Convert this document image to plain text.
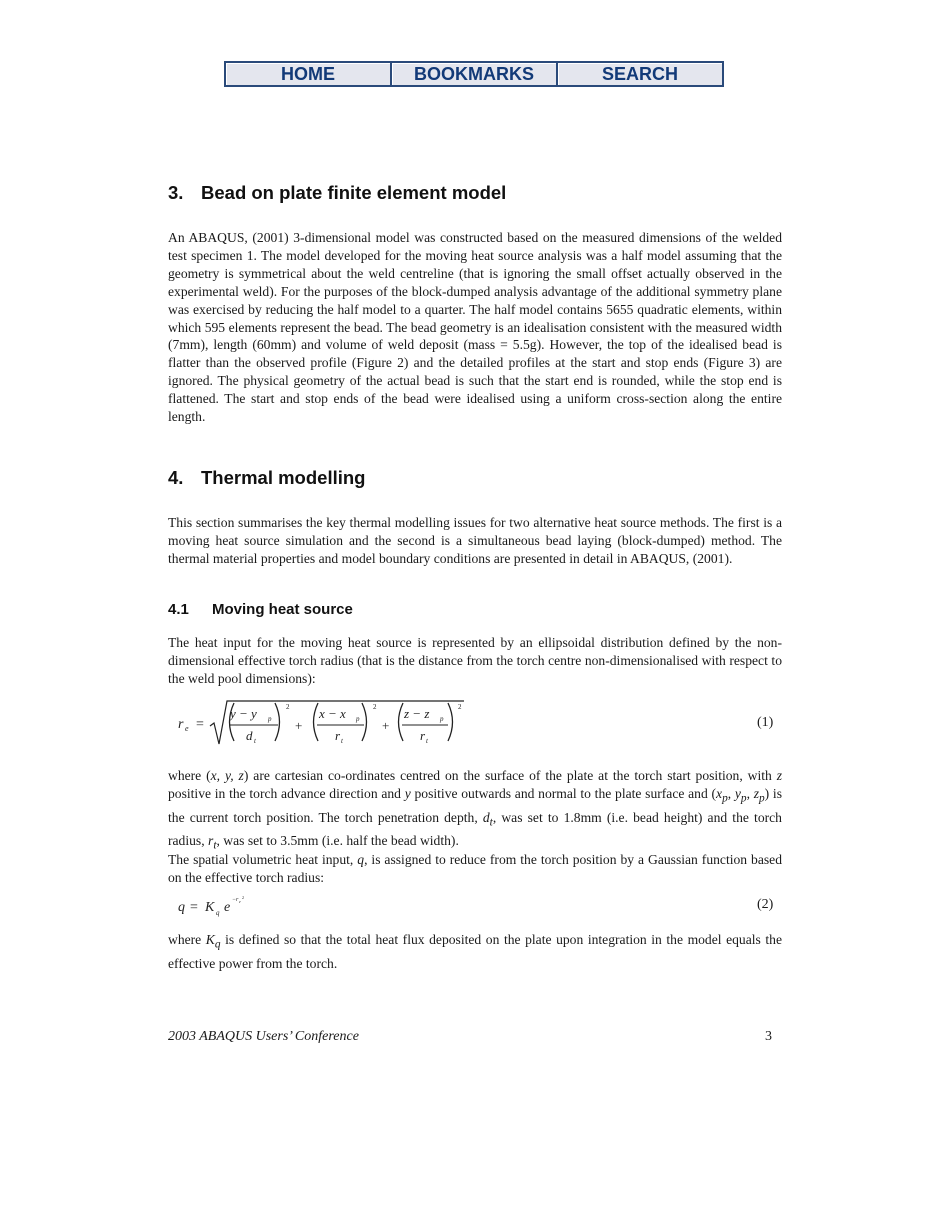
HOME	BOOKMARKS	SEARCH
3. Bead on plate finite element model
An ABAQUS, (2001) 3-dimensional model was constructed based on the measured dimensions of the welded test specimen 1. The model developed for the moving heat source analysis was a half model assuming that the geometry is symmetrical about the weld centreline (that is ignoring the small offset actually observed in the experimental weld). For the purposes of the block-dumped analysis advantage of the additional symmetry plane was exercised by reducing the half model to a quarter. The half model contains 5655 quadratic elements, within which 595 elements represent the bead. The bead geometry is an idealisation consistent with the measured width (7mm), length (60mm) and volume of weld deposit (mass = 5.5g). However, the top of the idealised bead is flatter than the observed profile (Figure 2) and the detailed profiles at the start and stop ends (Figure 3) are ignored. The physical geometry of the actual bead is such that the start end is rounded, while the stop end is flattened. The start and stop ends of the bead were idealised using a uniform cross-section along the entire length.
4. Thermal modelling
This section summarises the key thermal modelling issues for two alternative heat source methods. The first is a moving heat source simulation and the second is a simultaneous bead laying (block-dumped) method. The thermal material properties and model boundary conditions are presented in detail in ABAQUS, (2001).
4.1 Moving heat source
The heat input for the moving heat source is represented by an ellipsoidal distribution defined by the non-dimensional effective torch radius (that is the distance from the torch centre non-dimensionalised with respect to the weld pool dimensions):
r e =
y − y p
d t
2
+
x − x p
r t
2
+
z − z p
r t
2
(1)
where (x, y, z) are cartesian co-ordinates centred on the surface of the plate at the torch start position, with z positive in the torch advance direction and y positive outwards and normal to the plate surface and ($x_p$, $y_p$, $z_p$) is the current torch position. The torch penetration depth, $d_t$, was set to 1.8mm (i.e. bead height) and the torch radius, $r_t$, was set to 3.5mm (i.e. half the bead width).
The spatial volumetric heat input, q, is assigned to reduce from the torch position by a Gaussian function based on the effective torch radius:
q = K q e −r e
2	(2)
where $K_q$ is defined so that the total heat flux deposited on the plate upon integration in the model equals the effective power from the torch.
2003 ABAQUS Users’ Conference	3
